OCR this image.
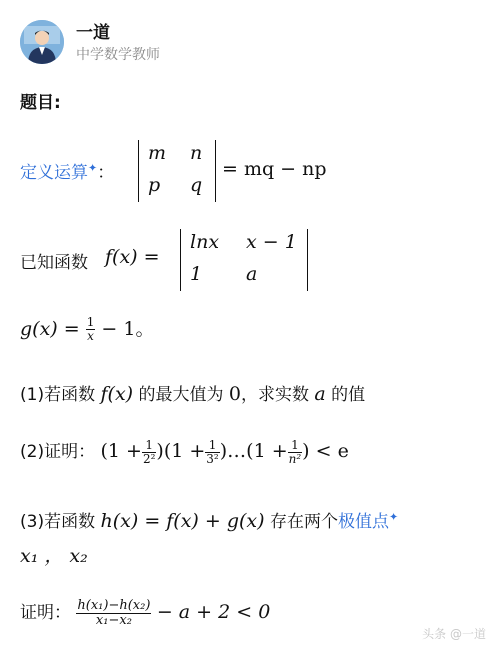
一道
中学数学教师
题目:
定义运算✦：
m n
p q
= mq − np
已知函数 f(x) =
lnx x − 1
1 a
$g(x) = \frac{1}{x} - 1$。
(1)若函数 f(x) 的最大值为 0，求实数 a 的值
(2)证明： $(1 + \frac{1}{\text{2²}} )(1 + \frac{1}{\text{3²}}$ )…(1 + $\frac{1}{\text{n²}}$ ) < e
(3)若函数 h(x) = f(x) + g(x) 存在两个极值点✦
x₁ ， x₂
证明： $\frac{\text{h(x₁)−h(x₂)}}{\text{x₁−x₂}} - a + 2 < 0$
头条 @一道
